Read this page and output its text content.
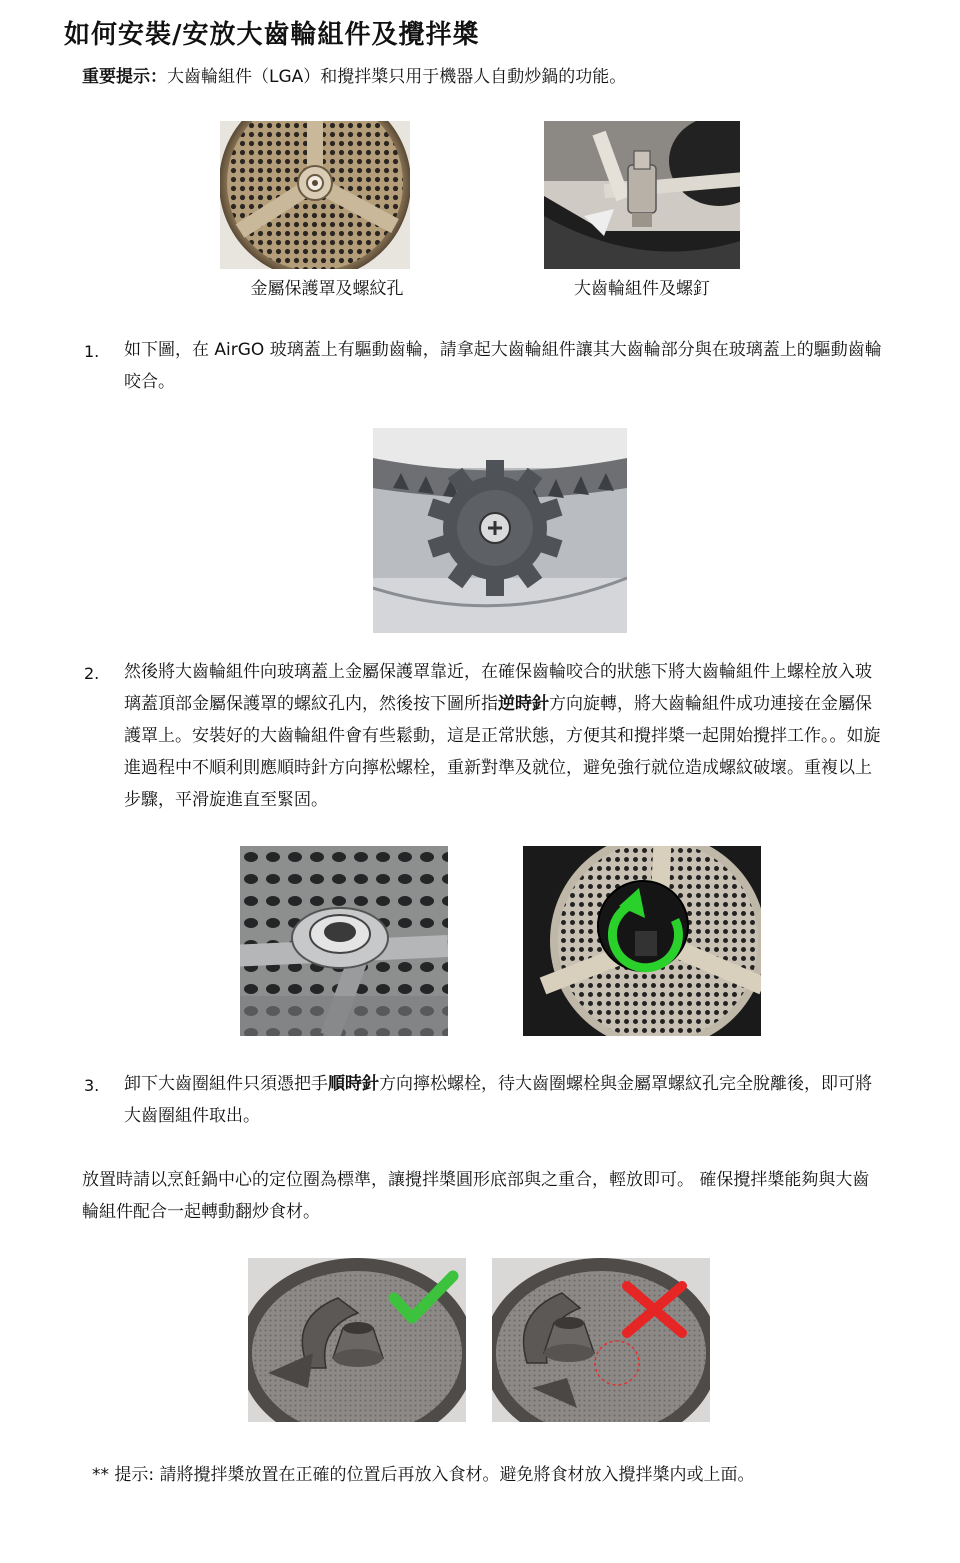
如何安裝/安放大齒輪組件及攪拌槳
重要提示：大齒輪組件（LGA）和攪拌槳只用于機器人自動炒鍋的功能。
金屬保護罩及螺紋孔	大齒輪組件及螺釘
1. 如下圖，在 AirGO 玻璃蓋上有驅動齒輪，請拿起大齒輪組件讓其大齒輪部分與在玻璃蓋上的驅動齒輪咬合。
2. 然後將大齒輪組件向玻璃蓋上金屬保護罩靠近，在確保齒輪咬合的狀態下將大齒輪組件上螺栓放入玻璃蓋頂部金屬保護罩的螺紋孔内，然後按下圖所指逆時針方向旋轉，將大齒輪組件成功連接在金屬保護罩上。安裝好的大齒輪組件會有些鬆動，這是正常狀態，方便其和攪拌槳一起開始攪拌工作。。如旋進過程中不順利則應順時針方向擰松螺栓，重新對準及就位，避免強行就位造成螺紋破壞。重複以上步驟，平滑旋進直至緊固。
3. 卸下大齒圈組件只須憑把手順時針方向擰松螺栓，待大齒圈螺栓與金屬罩螺紋孔完全脫離後，即可將大齒圈組件取出。
放置時請以烹飪鍋中心的定位圈為標準，讓攪拌槳圓形底部與之重合，輕放即可。 確保攪拌槳能夠與大齒輪組件配合一起轉動翻炒食材。
** 提示: 請將攪拌槳放置在正確的位置后再放入食材。避免將食材放入攪拌槳内或上面。
